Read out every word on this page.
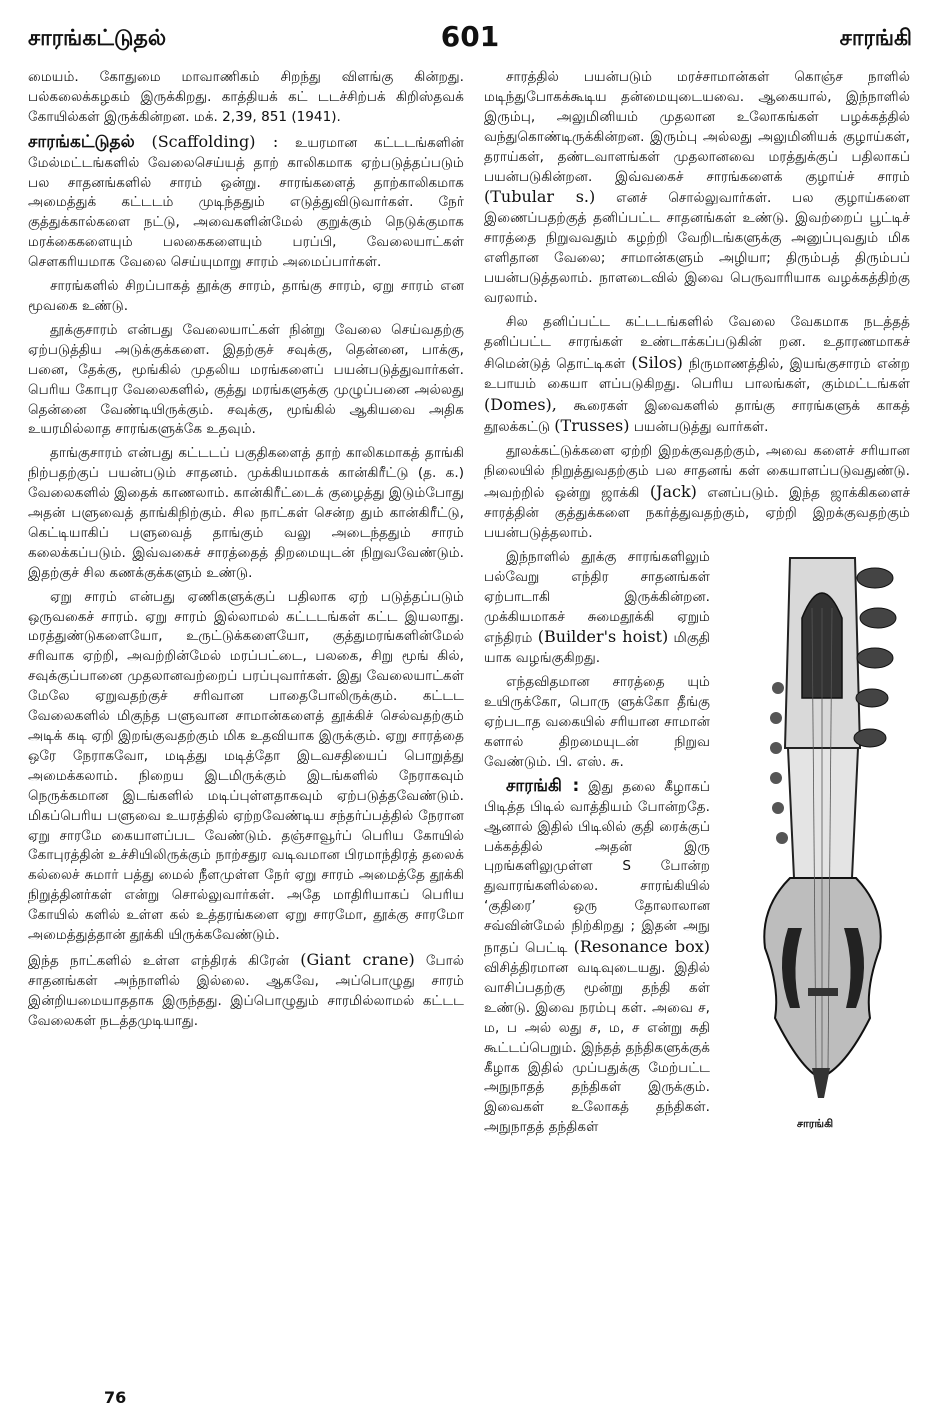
சாரங்கட்டுதல்	601	சாரங்கி

மையம். கோதுமை மாவாணிகம் சிறந்து விளங்கு கின்றது. பல்கலைக்கழகம் இருக்கிறது. காத்தியக் கட் டடச்சிற்பக் கிறிஸ்தவக் கோயில்கள் இருக்கின்றன. மக். 2,39, 851 (1941).

சாரங்கட்டுதல் (Scaffolding) : உயரமான கட்டடங்களின் மேல்மட்டங்களில் வேலைசெய்யத் தாற் காலிகமாக ஏற்படுத்தப்படும் பல சாதனங்களில் சாரம் ஒன்று. சாரங்களைத் தாற்காலிகமாக அமைத்துக் கட்டடம் முடிந்ததும் எடுத்துவிடுவார்கள். நேர் குத்துக்கால்களை நட்டு, அவைகளின்மேல் குறுக்கும் நெடுக்குமாக மரக்கைகளையும் பலகைகளையும் பரப்பி, வேலையாட்கள் சௌகரியமாக வேலை செய்யுமாறு சாரம் அமைப்பார்கள்.

சாரங்களில் சிறப்பாகத் தூக்கு சாரம், தாங்கு சாரம், ஏறு சாரம் என மூவகை உண்டு.

தூக்குசாரம் என்பது வேலையாட்கள் நின்று வேலை செய்வதற்கு ஏற்படுத்திய அடுக்குக்களை. இதற்குச் சவுக்கு, தென்னை, பாக்கு, பனை, தேக்கு, மூங்கில் முதலிய மரங்களைப் பயன்படுத்துவார்கள். பெரிய கோபுர வேலைகளில், குத்து மரங்களுக்கு முழுப்பனை அல்லது தென்னை வேண்டியிருக்கும். சவுக்கு, மூங்கில் ஆகியவை அதிக உயரமில்லாத சாரங்களுக்கே உதவும்.

தாங்குசாரம் என்பது கட்டடப் பகுதிகளைத் தாற் காலிகமாகத் தாங்கி நிற்பதற்குப் பயன்படும் சாதனம். முக்கியமாகக் கான்கிரீட்டு (த. க.) வேலைகளில் இதைக் காணலாம். கான்கிரீட்டைக் குழைத்து இடும்போது அதன் பளுவைத் தாங்கிநிற்கும். சில நாட்கள் சென்ற தும் கான்கிரீட்டு, கெட்டியாகிப் பளுவைத் தாங்கும் வலு அடைந்ததும் சாரம் கலைக்கப்படும். இவ்வகைச் சாரத்தைத் திறமையுடன் நிறுவவேண்டும். இதற்குச் சில கணக்குக்களும் உண்டு.

ஏறு சாரம் என்பது ஏணிகளுக்குப் பதிலாக ஏற் படுத்தப்படும் ஒருவகைச் சாரம். ஏறு சாரம் இல்லாமல் கட்டடங்கள் கட்ட இயலாது. மரத்துண்டுகளையோ, உருட்டுக்களையோ, குத்துமரங்களின்மேல் சரிவாக ஏற்றி, அவற்றின்மேல் மரப்பட்டை, பலகை, சிறு மூங் கில், சவுக்குப்பானை முதலானவற்றைப் பரப்புவார்கள். இது வேலையாட்கள் மேலே ஏறுவதற்குச் சரிவான பாதைபோலிருக்கும். கட்டட வேலைகளில் மிகுந்த பளுவான சாமான்களைத் தூக்கிச் செல்வதற்கும் அடிக் கடி ஏறி இறங்குவதற்கும் மிக உதவியாக இருக்கும். ஏறு சாரத்தை ஒரே நேராகவோ, மடித்து மடித்தோ இடவசதியைப் பொறுத்து அமைக்கலாம். நிறைய இடமிருக்கும் இடங்களில் நேராகவும் நெருக்கமான இடங்களில் மடிப்புள்ளதாகவும் ஏற்படுத்தவேண்டும். மிகப்பெரிய பளுவை உயரத்தில் ஏற்றவேண்டிய சந்தர்ப்பத்தில் நேரான ஏறு சாரமே கையாளப்பட வேண்டும். தஞ்சாவூர்ப் பெரிய கோயில் கோபுரத்தின் உச்சியிலிருக்கும் நாற்சதுர வடிவமான பிரமாந்திரத் தலைக் கல்லைச் சுமார் பத்து மைல் நீளமுள்ள நேர் ஏறு சாரம் அமைத்தே தூக்கி நிறுத்தினர்கள் என்று சொல்லுவார்கள். அதே மாதிரியாகப் பெரிய கோயில் களில் உள்ள கல் உத்தரங்களை ஏறு சாரமோ, தூக்கு சாரமோ அமைத்துத்தான் தூக்கி யிருக்கவேண்டும்.

இந்த நாட்களில் உள்ள எந்திரக் கிரேன் (Giant crane) போல் சாதனங்கள் அந்நாளில் இல்லை. ஆகவே, அப்பொழுது சாரம் இன்றியமையாததாக இருந்தது. இப்பொழுதும் சாரமில்லாமல் கட்டட வேலைகள் நடத்தமுடியாது.

சாரத்தில் பயன்படும் மரச்சாமான்கள் கொஞ்ச நாளில் மடிந்துபோகக்கூடிய தன்மையுடையவை. ஆகையால், இந்நாளில் இரும்பு, அலுமினியம் முதலான உலோகங்கள் பழக்கத்தில் வந்துகொண்டிருக்கின்றன. இரும்பு அல்லது அலுமினியக் குழாய்கள், தராய்கள், தண்டவாளங்கள் முதலானவை மரத்துக்குப் பதிலாகப் பயன்படுகின்றன. இவ்வகைச் சாரங்களைக் குழாய்ச் சாரம் (Tubular s.) எனச் சொல்லுவார்கள். பல குழாய்களை இணைப்பதற்குத் தனிப்பட்ட சாதனங்கள் உண்டு. இவற்றைப் பூட்டிச் சாரத்தை நிறுவவதும் கழற்றி வேறிடங்களுக்கு அனுப்புவதும் மிக எளிதான வேலை; சாமான்களும் அழியா; திரும்பத் திரும்பப் பயன்படுத்தலாம். நாளடைவில் இவை பெருவாரியாக வழக்கத்திற்கு வரலாம்.

சில தனிப்பட்ட கட்டடங்களில் வேலை வேகமாக நடத்தத் தனிப்பட்ட சாரங்கள் உண்டாக்கப்படுகின் றன. உதாரணமாகச் சிமென்டுத் தொட்டிகள் (Silos) நிருமாணத்தில், இயங்குசாரம் என்ற உபாயம் கையா ளப்படுகிறது. பெரிய பாலங்கள், கும்மட்டங்கள் (Domes), கூரைகள் இவைகளில் தாங்கு சாரங்களுக் காகத் தூலக்கட்டு (Trusses) பயன்படுத்து வார்கள்.

தூலக்கட்டுக்களை ஏற்றி இறக்குவதற்கும், அவை களைச் சரியான நிலையில் நிறுத்துவதற்கும் பல சாதனங் கள் கையாளப்படுவதுண்டு. அவற்றில் ஒன்று ஜாக்கி (Jack) எனப்படும். இந்த ஜாக்கிகளைச் சாரத்தின் குத்துக்களை நகர்த்துவதற்கும், ஏற்றி இறக்குவதற்கும் பயன்படுத்தலாம்.

சாரங்கி

இந்நாளில் தூக்கு சாரங்களிலும் பல்வேறு எந்திர சாதனங்கள் ஏற்பாடாகி இருக்கின்றன. முக்கியமாகச் சுமைதூக்கி ஏறும் எந்திரம் (Builder's hoist) மிகுதி யாக வழங்குகிறது.

எந்தவிதமான சாரத்தை யும் உயிருக்கோ, பொரு ளுக்கோ தீங்கு ஏற்படாத வகையில் சரியான சாமான் களால் திறமையுடன் நிறுவ வேண்டும். பி. எஸ். சு.

சாரங்கி : இது தலை கீழாகப் பிடித்த பிடில் வாத்தியம் போன்றதே. ஆனால் இதில் பிடிலில் குதி ரைக்குப் பக்கத்தில் அதன் இரு புறங்களிலுமுள்ள S போன்ற துவாரங்களில்லை. சாரங்கியில் ‘குதிரை’ ஒரு தோலாலான சவ்வின்மேல் நிற்கிறது ; இதன் அநு நாதப் பெட்டி (Resonance box) விசித்திரமான வடிவுடையது. இதில் வாசிப்பதற்கு மூன்று தந்தி கள் உண்டு. இவை நரம்பு கள். அவை ச, ம, ப அல் லது ச, ம, ச என்று சுதி கூட்டப்பெறும். இந்தத் தந்திகளுக்குக் கீழாக இதில் முப்பதுக்கு மேற்பட்ட அநுநாதத் தந்திகள் இருக்கும். இவைகள் உலோகத் தந்திகள். அநுநாதத் தந்திகள்

76
